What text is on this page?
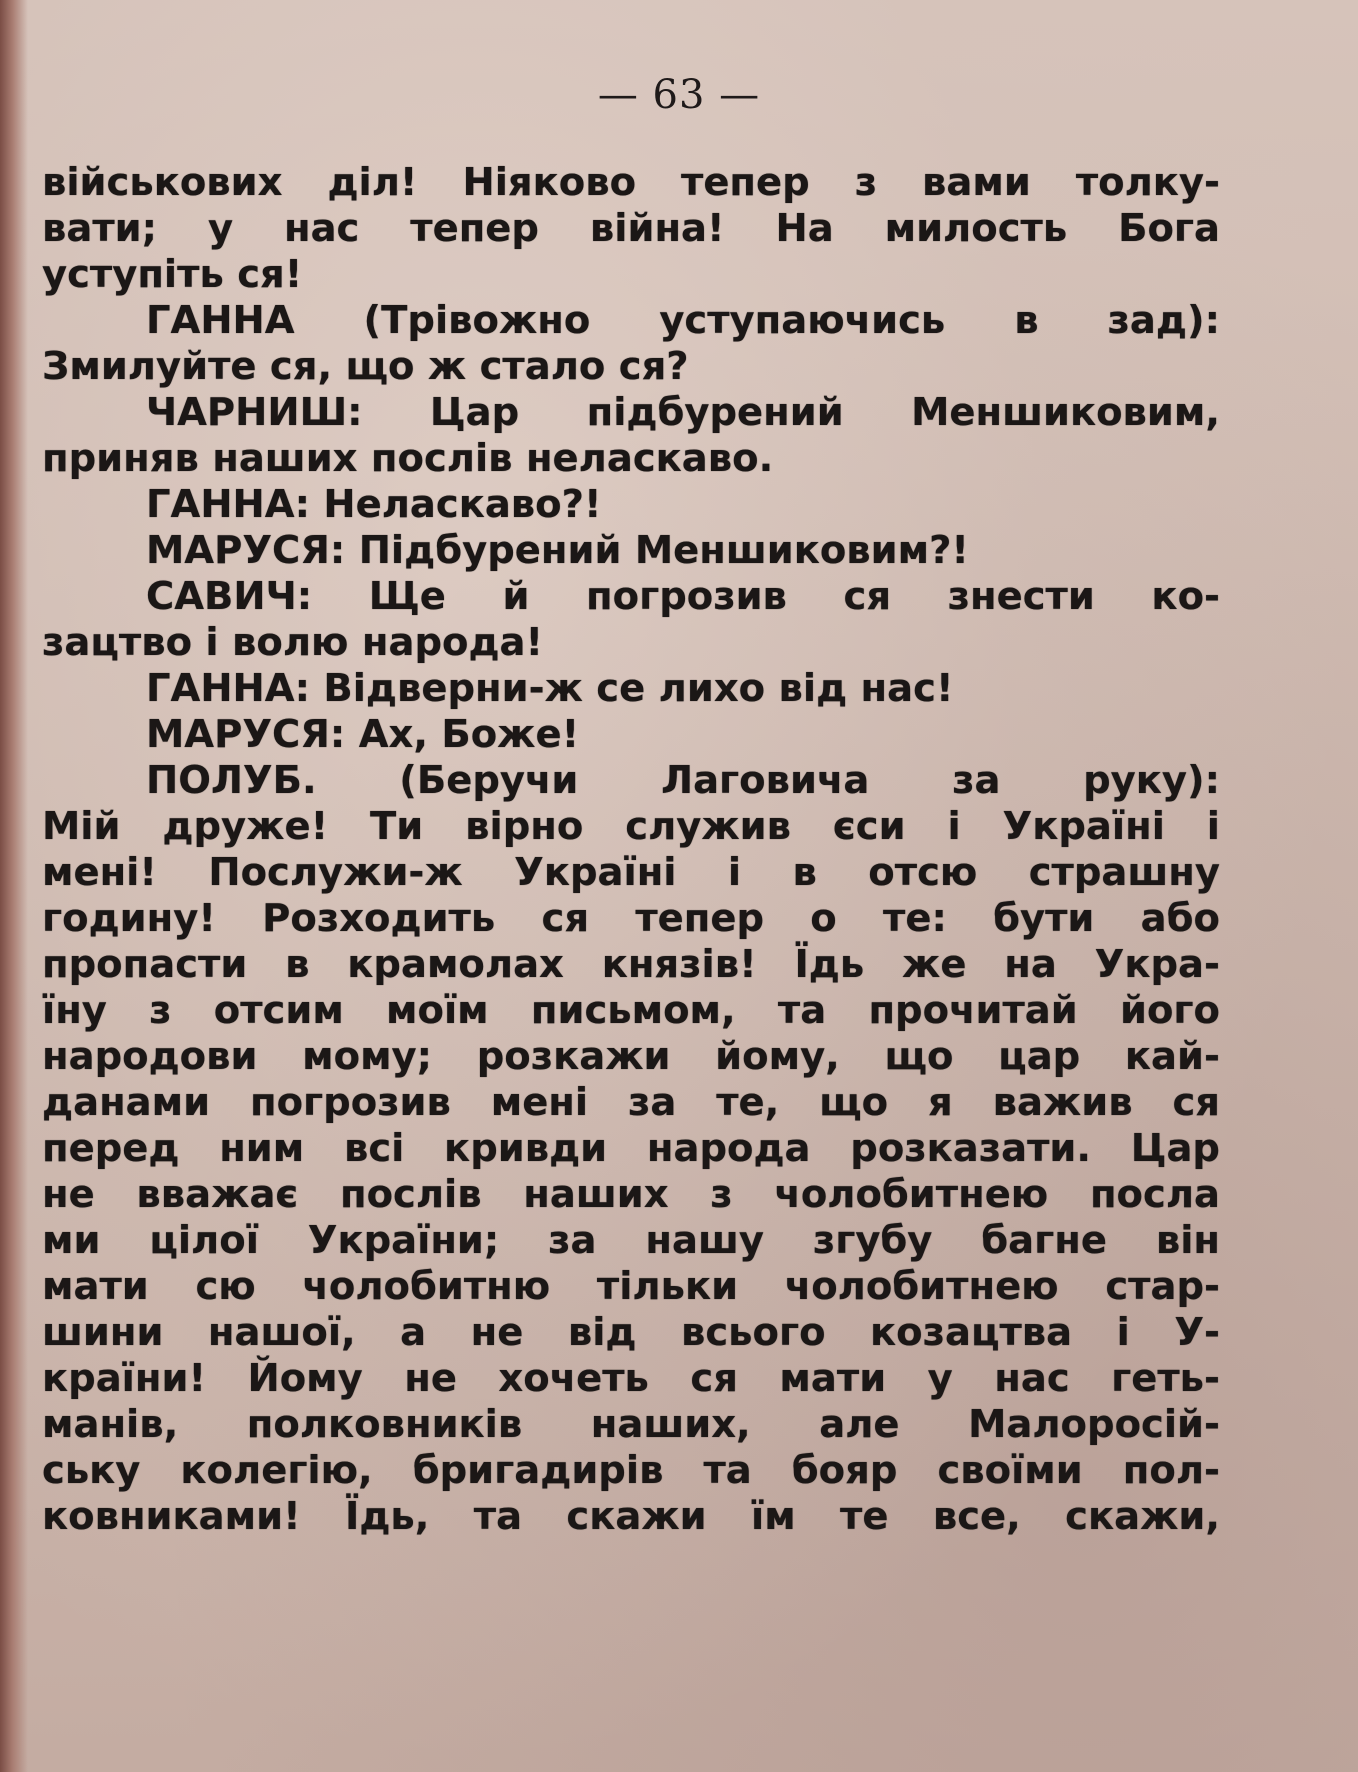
— 63 —
військових діл! Ніяково тепер з вами толку-
вати; у нас тепер війна! На милость Бога
уступіть ся!
ГАННА (Трівожно уступаючись в зад):
Змилуйте ся, що ж стало ся?
ЧАРНИШ: Цар підбурений Меншиковим,
приняв наших послів неласкаво.
ГАННА: Неласкаво?!
МАРУСЯ: Підбурений Меншиковим?!
САВИЧ: Ще й погрозив ся знести ко-
зацтво і волю народа!
ГАННА: Відверни-ж се лихо від нас!
МАРУСЯ: Ах, Боже!
ПОЛУБ. (Беручи Лаговича за руку):
Мій друже! Ти вірно служив єси і Україні і
мені! Послужи-ж Україні і в отсю страшну
годину! Розходить ся тепер о те: бути або
пропасти в крамолах князів! Їдь же на Укра-
їну з отсим моїм письмом, та прочитай його
народови мому; розкажи йому, що цар кай-
данами погрозив мені за те, що я важив ся
перед ним всі кривди народа розказати. Цар
не вважає послів наших з чолобитнею посла
ми цілої України; за нашу згубу багне він
мати сю чолобитню тільки чолобитнею стар-
шини нашої, а не від всього козацтва і У-
країни! Йому не хочеть ся мати у нас геть-
манів, полковників наших, але Малоросій-
ську колегію, бригадирів та бояр своїми пол-
ковниками! Їдь, та скажи їм те все, скажи,
